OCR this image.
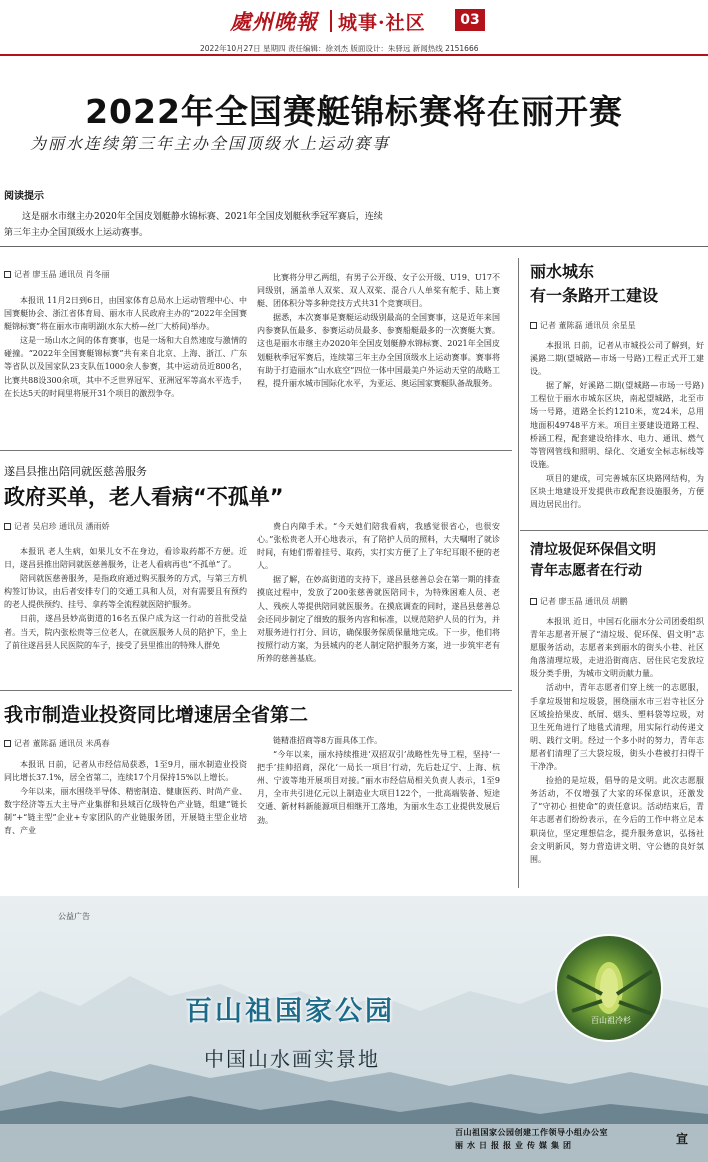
處州晚報 城事·社区	03
2022年10月27日 星期四 责任编辑：徐刘杰 版面设计：朱驿远 新闻热线 2151666
2022年全国赛艇锦标赛将在丽开赛
为丽水连续第三年主办全国顶级水上运动赛事
阅读提示
这是丽水市继主办2020年全国皮划艇静水锦标赛、2021年全国皮划艇秋季冠军赛后，连续第三年主办全国顶级水上运动赛事。
记者 廖玉晶 通讯员 肖冬丽

本报讯 11月2日到6日，由国家体育总局水上运动管理中心、中国赛艇协会、浙江省体育局、丽水市人民政府主办的“2022年全国赛艇锦标赛”将在丽水市南明湖(水东大桥—丝厂大桥间)举办。

这是一场山水之间的体育赛事，也是一场和大自然速度与激情的碰撞。“2022年全国赛艇锦标赛”共有来自北京、上海、浙江、广东等省队以及国家队23支队伍1000余人参赛，其中运动员近800名，比赛共88设300余项，其中不乏世界冠军、亚洲冠军等高水平选手，在长达5天的时间里将展开31个项目的激烈争夺。

比赛将分甲乙两组，有男子公开级、女子公开级、U19、U17不同级别，涵盖单人双桨、双人双桨、混合八人单桨有舵手、陆上赛艇、团体积分等多种竞技方式共31个竞赛项目。

据悉，本次赛事是赛艇运动级别最高的全国赛事，这是近年来国内参赛队伍最多、参赛运动员最多、参赛船艇最多的一次赛艇大赛。这也是丽水市继主办2020年全国皮划艇静水锦标赛、2021年全国皮划艇秋季冠军赛后，连续第三年主办全国顶级水上运动赛事。赛事将有助于打造丽水“山水底空”四位一体中国最美户外运动天堂的战略工程，提升丽水城市国际化水平，为亚运、奥运国家赛艇队备战服务。

遂昌县推出陪同就医慈善服务
政府买单，老人看病“不孤单”
记者 吴启珍 通讯员 潘雨娇

本报讯 老人生病，如果儿女不在身边，看诊取药都不方便。近日，遂昌县推出陪同就医慈善服务，让老人看病再也“不孤单”了。

陪同就医慈善服务，是指政府通过购买服务的方式，与第三方机构签订协议，由后者安排专门的交通工具和人员，对有需要且有预约的老人提供预约、挂号、拿药等全流程就医陪护服务。

日前，遂昌县妙高街道的16名五保户成为这一行动的首批受益者。当天，院内张松贵等三位老人，在就医服务人员的陪护下，坐上了前往遂昌县人民医院的车子，接受了县里推出的特殊人群免

费白内障手术。“今天她们陪我看病，我感觉很省心，也很安心。”张松贵老人开心地表示，有了陪护人员的照料，大夫嘱咐了就诊时间，有她们帮着挂号、取药，实打实方便了上了年纪耳眼不便的老人。

据了解，在妙高街道的支持下，遂昌县慈善总会在第一期的排查摸底过程中，发放了200张慈善就医陪同卡，为特殊困难人员、老人、残疾人等提供陪同就医服务。在摸底调查的同时，遂昌县慈善总会还同步制定了细致的服务内容和标准，以规范陪护人员的行为，并对服务进行打分、回访，确保服务保质保量地完成。下一步，他们将按照行动方案，为县城内的老人制定陪护服务方案，进一步筑牢老有所养的慈善基底。

我市制造业投资同比增速居全省第二
记者 董陈磊 通讯员 米禹春

本报讯 日前，记者从市经信局获悉，1至9月，丽水制造业投资同比增长37.1%，居全省第二，连续17个月保持15%以上增长。

今年以来，丽水围绕半导体、精密制造、健康医药、时尚产业、数字经济等五大主导产业集群和县域百亿级特色产业链，组建“链长制”+“链主型”企业+专家团队的产业链服务团，开展链主型企业培育、产业

链精准招商等8方面具体工作。

“今年以来，丽水持续推进‘双招双引’战略性先导工程，坚持‘一把手’挂帅招商，深化‘一局长一项目’行动，先后赴辽宁、上海、杭州、宁波等地开展项目对接。”丽水市经信局相关负责人表示，1至9月，全市共引进亿元以上制造业大项目122个，一批高端装备、短途交通、新材料新能源项目相继开工落地，为丽水生态工业提供发展后劲。

丽水城东
有一条路开工建设
记者 董陈磊 通讯员 余星星

本报讯 日前，记者从市城投公司了解到，好溪路二期(望城路—市场一号路)工程正式开工建设。

据了解，好溪路二期(望城路—市场一号路)工程位于丽水市城东区块，南起望城路，北至市场一号路，道路全长约1210米，宽24米，总用地面积49748平方米。项目主要建设道路工程、桥涵工程，配套建设给排水、电力、通讯、燃气等管网管线和照明、绿化、交通安全标志标线等设施。

项目的建成，可完善城东区块路网结构，为区块土地建设开发提供市政配套设施服务，方便周边居民出行。

清垃圾促环保倡文明
青年志愿者在行动
记者 廖玉晶 通讯员 胡鹏

本报讯 近日，中国石化丽水分公司团委组织青年志愿者开展了“清垃圾、促环保、倡文明”志愿服务活动，志愿者来到丽水的街头小巷、社区角落清理垃圾，走进沿街商店、居住民宅发放垃圾分类手册，为城市文明贡献力量。

活动中，青年志愿者们穿上统一的志愿服，手拿垃圾钳和垃圾袋，围绕丽水市三岩寺社区分区域捡拾果皮、纸屑、烟头、塑料袋等垃圾，对卫生死角进行了地毯式清理，用实际行动传递文明、践行文明。经过一个多小时的努力，青年志愿者们清理了三大袋垃圾，街头小巷被打扫得干干净净。

捡拾的是垃圾，倡导的是文明。此次志愿服务活动，不仅增强了大家的环保意识，还激发了“守初心 担使命”的责任意识。活动结束后，青年志愿者们纷纷表示，在今后的工作中将立足本职岗位，坚定理想信念，提升服务意识，弘扬社会文明新风，努力营造讲文明、守公德的良好氛围。

公益广告
百山祖国家公园
中国山水画实景地
百山祖冷杉
百山祖国家公园创建工作领导小组办公室
丽水日报报业传媒集团	宣
